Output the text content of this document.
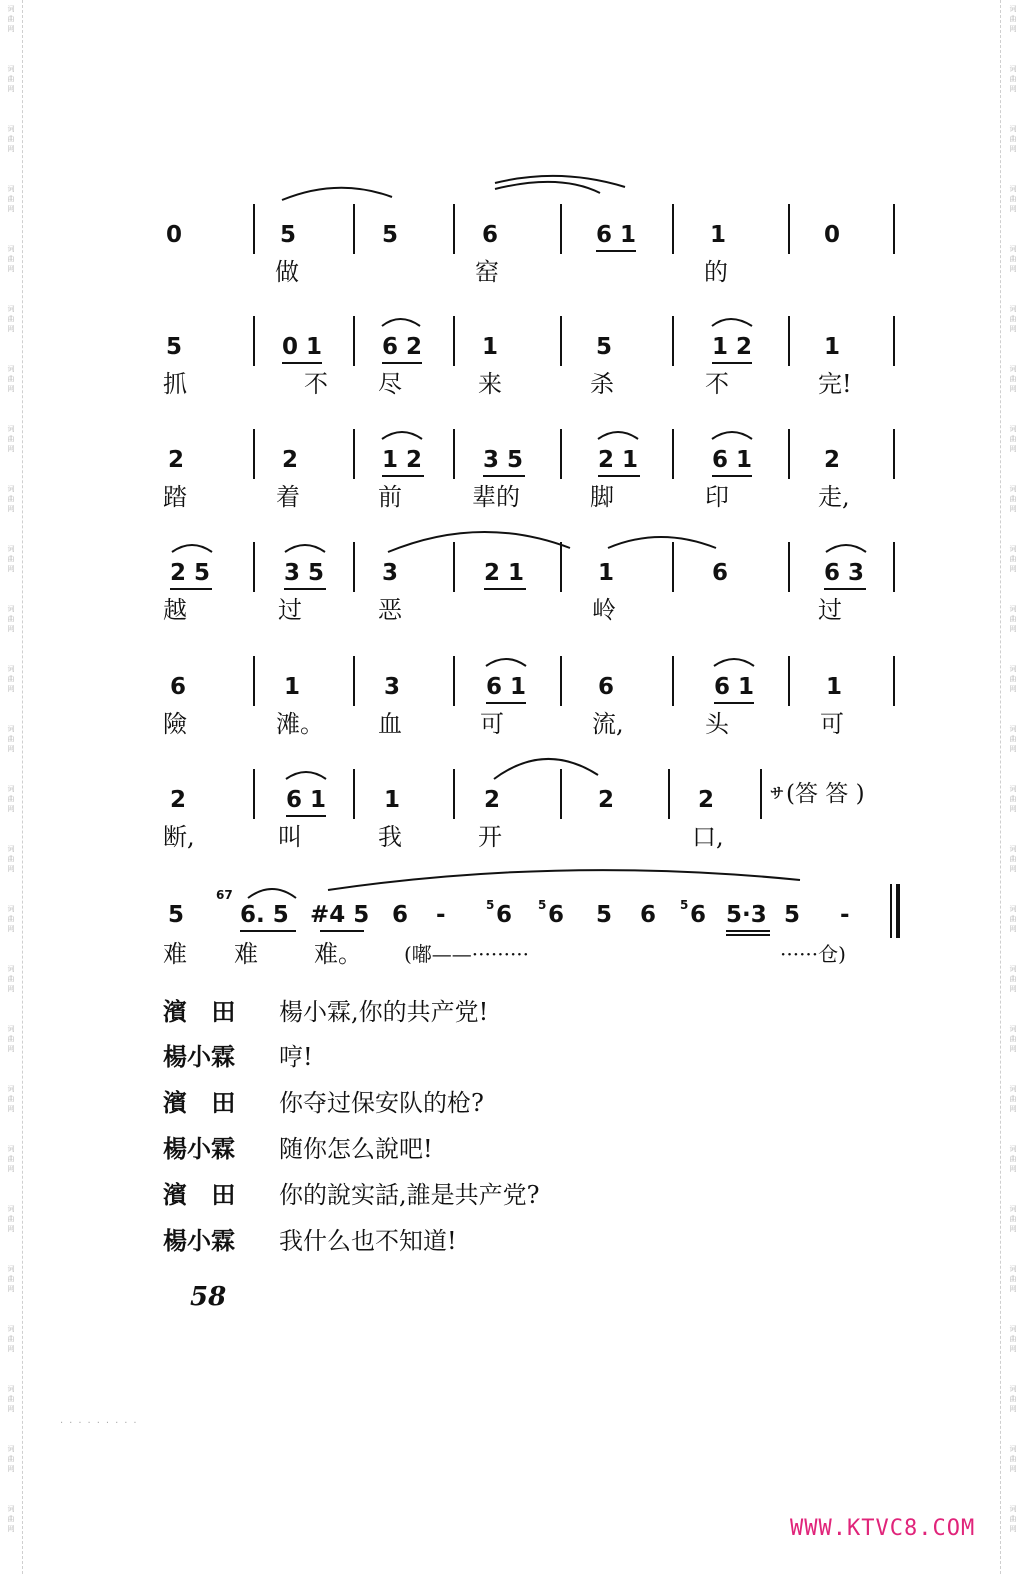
词
曲
网
词
曲
网
词
曲
网
词
曲
网
词
曲
网
词
曲
网
词
曲
网
词
曲
网
词
曲
网
词
曲
网
词
曲
网
词
曲
网
词
曲
网
词
曲
网
词
曲
网
词
曲
网
词
曲
网
词
曲
网
词
曲
网
词
曲
网
词
曲
网
词
曲
网
词
曲
网
词
曲
网
词
曲
网
词
曲
网
词
曲
网
词
曲
网
词
曲
网
词
曲
网
词
曲
网
词
曲
网
词
曲
网
词
曲
网
词
曲
网
词
曲
网
词
曲
网
词
曲
网
词
曲
网
词
曲
网
词
曲
网
词
曲
网
词
曲
网
词
曲
网
词
曲
网
词
曲
网
词
曲
网
词
曲
网
词
曲
网
词
曲
网
词
曲
网
词
曲
网
0	5	5	6	6 1	1	0
做	窑	的
5	0 1	6 2	1	5	1 2	1
抓	不 尽	来	杀	不	完!
2	2	1 2	3 5	2 1	6 1	2
踏	着	前	辈的	脚	印	走,
2 5	3 5	3	2 1	1	6	6 3
越	过	恶	岭	过
6	1	3	6 1	6	6 1	1
險	滩。 血	可	流,	头	可
2	6 1	1	2	2	2	サ (答 答 )
断,	叫	我	开	口,
5
67
6. 5 #4 5 6 -	5 6 5 6 5 6 5 6 5·3 5 -
难 难 难。 (嘟——·········	······仓)
濱 田 楊小霖,你的共产党!
楊小霖 哼!
濱 田 你夺过保安队的枪?
楊小霖 随你怎么說吧!
濱 田 你的說实話,誰是共产党?
楊小霖 我什么也不知道!
58
·········
WWW.KTVC8.COM
